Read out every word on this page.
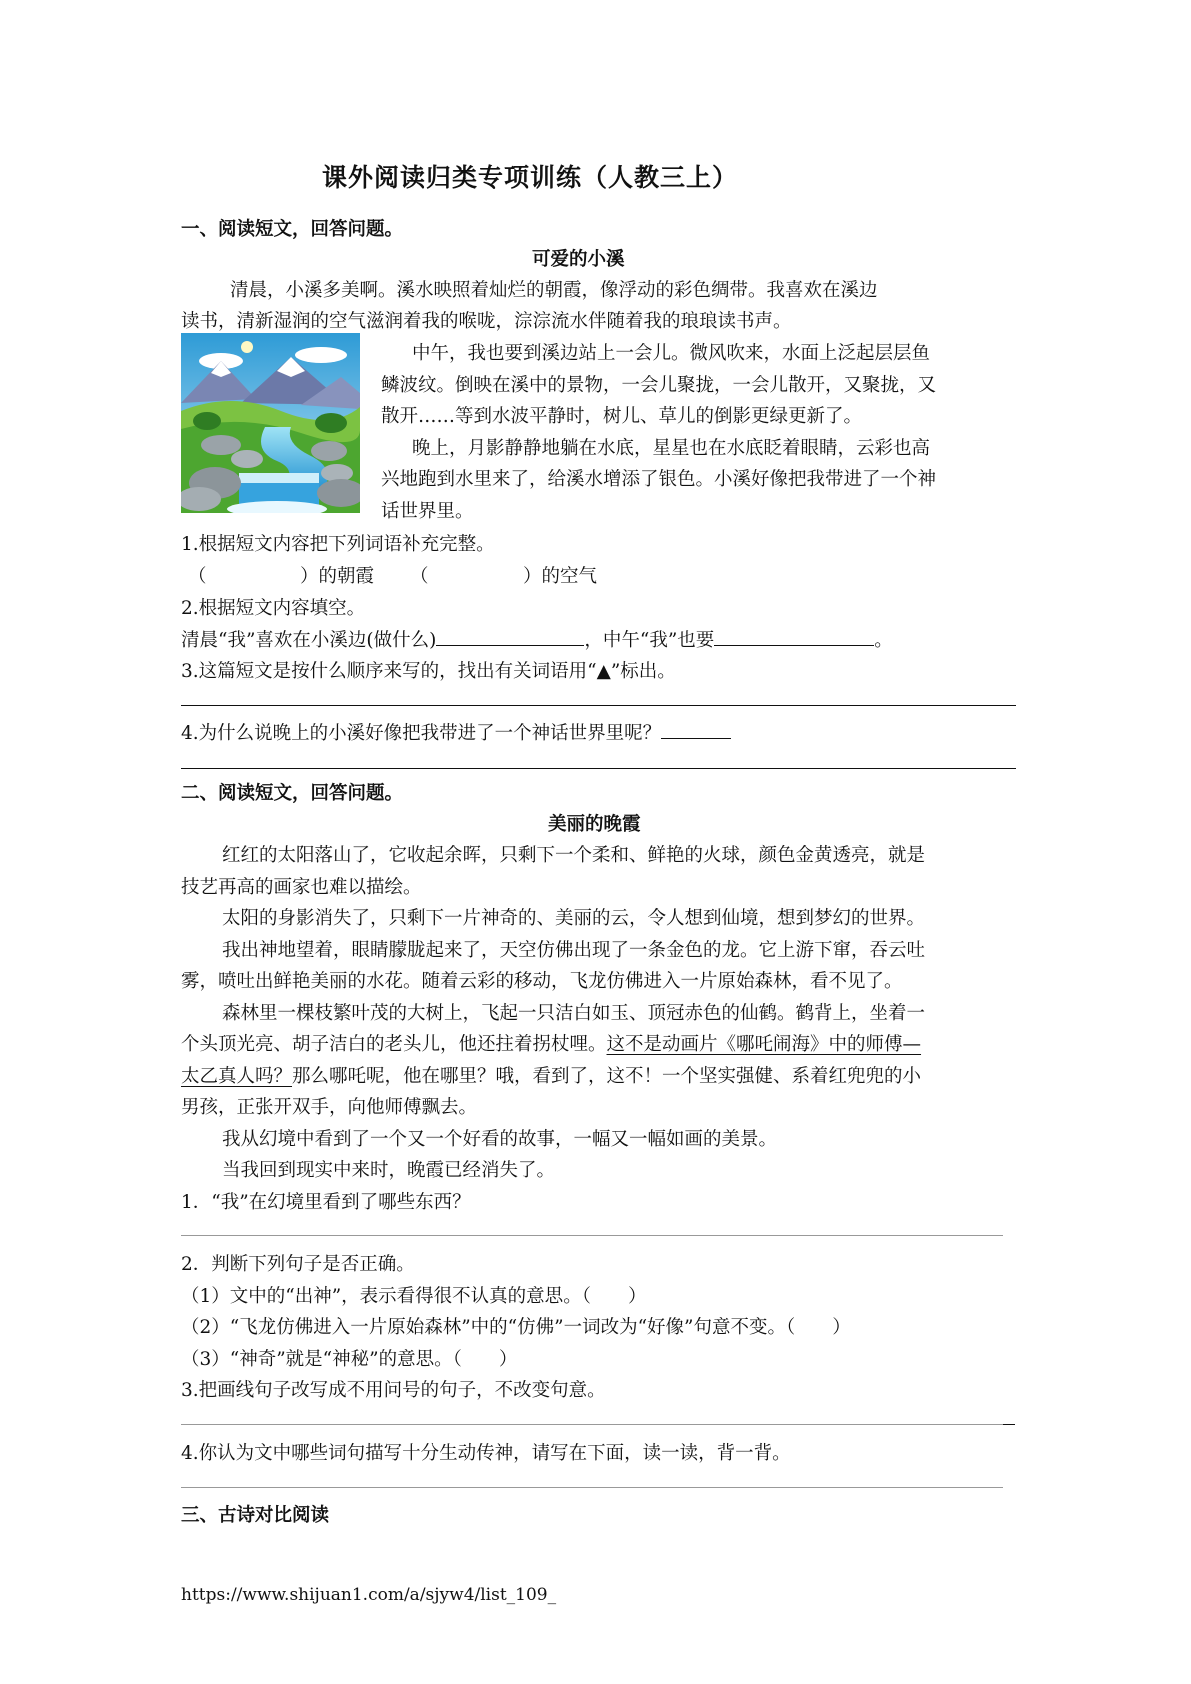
课外阅读归类专项训练（人教三上）
一、阅读短文，回答问题。
可爱的小溪
清晨，小溪多美啊。溪水映照着灿烂的朝霞，像浮动的彩色绸带。我喜欢在溪边
读书，清新湿润的空气滋润着我的喉咙，淙淙流水伴随着我的琅琅读书声。
中午，我也要到溪边站上一会儿。微风吹来，水面上泛起层层鱼
鳞波纹。倒映在溪中的景物，一会儿聚拢，一会儿散开，又聚拢，又
散开……等到水波平静时，树儿、草儿的倒影更绿更新了。
晚上，月影静静地躺在水底，星星也在水底眨着眼睛，云彩也高
兴地跑到水里来了，给溪水增添了银色。小溪好像把我带进了一个神
话世界里。
1.根据短文内容把下列词语补充完整。
（	）的朝霞 （	）的空气
2.根据短文内容填空。
清晨“我”喜欢在小溪边(做什么)	，中午“我”也要	。
3.这篇短文是按什么顺序来写的，找出有关词语用“▲”标出。
4.为什么说晚上的小溪好像把我带进了一个神话世界里呢？
二、阅读短文，回答问题。
美丽的晚霞
红红的太阳落山了，它收起余晖，只剩下一个柔和、鲜艳的火球，颜色金黄透亮，就是
技艺再高的画家也难以描绘。
太阳的身影消失了，只剩下一片神奇的、美丽的云，令人想到仙境，想到梦幻的世界。
我出神地望着，眼睛朦胧起来了，天空仿佛出现了一条金色的龙。它上游下窜，吞云吐
雾，喷吐出鲜艳美丽的水花。随着云彩的移动，飞龙仿佛进入一片原始森林，看不见了。
森林里一棵枝繁叶茂的大树上，飞起一只洁白如玉、顶冠赤色的仙鹤。鹤背上，坐着一
个头顶光亮、胡子洁白的老头儿，他还拄着拐杖哩。这不是动画片《哪吒闹海》中的师傅—
太乙真人吗？那么哪吒呢，他在哪里？哦，看到了，这不！一个坚实强健、系着红兜兜的小
男孩，正张开双手，向他师傅飘去。
我从幻境中看到了一个又一个好看的故事，一幅又一幅如画的美景。
当我回到现实中来时，晚霞已经消失了。
1．“我”在幻境里看到了哪些东西？
2．判断下列句子是否正确。
（1）文中的“出神”，表示看得很不认真的意思。（　　）
（2）“飞龙仿佛进入一片原始森林”中的“仿佛”一词改为“好像”句意不变。（　　）
（3）“神奇”就是“神秘”的意思。（　　）
3.把画线句子改写成不用问号的句子，不改变句意。
4.你认为文中哪些词句描写十分生动传神，请写在下面，读一读，背一背。
三、古诗对比阅读
https://www.shijuan1.com/a/sjyw4/list_109_
